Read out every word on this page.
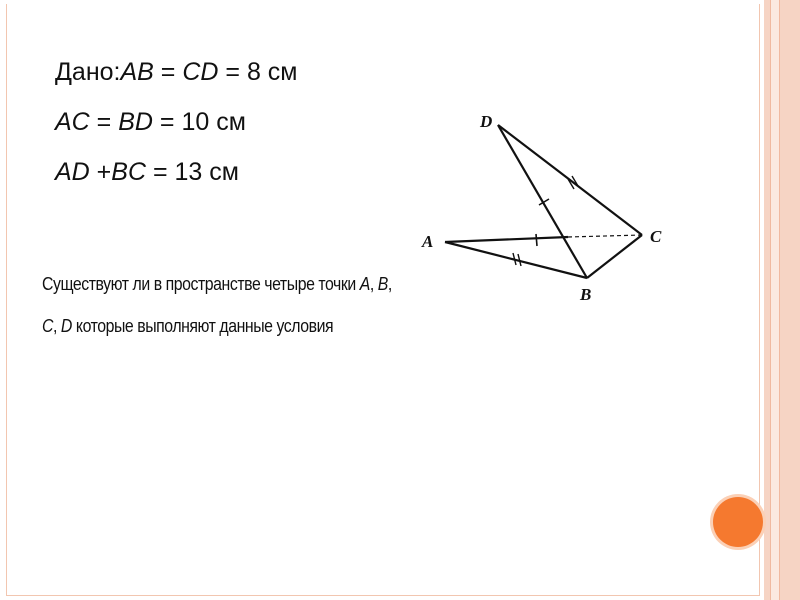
Дано:AB = CD = 8 см
AC = BD = 10 см
AD +BC = 13 см
Существуют ли в пространстве четыре точки A, B,
C, D которые выполняют данные условия
D
A	C
B
